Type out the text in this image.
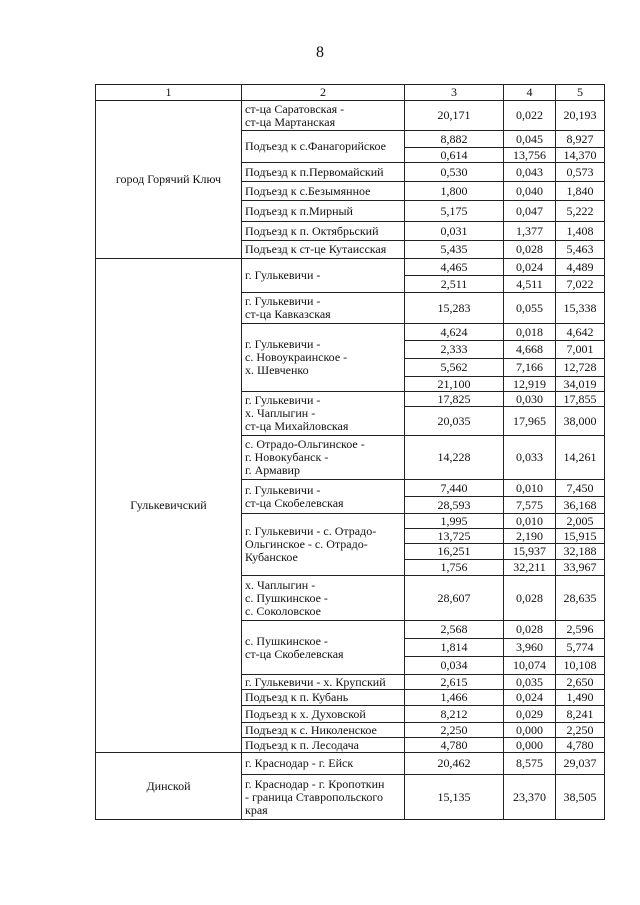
8
1	2	3	4	5
город Горячий Ключ	ст-ца Саратовская -
ст-ца Мартанская	20,171	0,022	20,193

	Подъезд к с.Фанагорийское	8,882	0,045	8,927
		0,614	13,756	14,370

	Подъезд к п.Первомайский	0,530	0,043	0,573

	Подъезд к с.Безымянное	1,800	0,040	1,840

	Подъезд к п.Мирный	5,175	0,047	5,222

	Подъезд к п. Октябрьский	0,031	1,377	1,408

	Подъезд к ст-це Кутаисская	5,435	0,028	5,463
Гулькевичский	г. Гулькевичи -	4,465	0,024	4,489
		2,511	4,511	7,022

	г. Гулькевичи -
ст-ца Кавказская	15,283	0,055	15,338

	г. Гулькевичи -
с. Новоукраинское -
х. Шевченко	4,624	0,018	4,642
		2,333	4,668	7,001
		5,562	7,166	12,728
		21,100	12,919	34,019

	г. Гулькевичи -
х. Чаплыгин -
ст-ца Михайловская	17,825	0,030	17,855
		20,035	17,965	38,000

	с. Отрадо-Ольгинское -
г. Новокубанск -
г. Армавир	14,228	0,033	14,261

	г. Гулькевичи -
ст-ца Скобелевская	7,440	0,010	7,450
		28,593	7,575	36,168

	г. Гулькевичи - с. Отрадо-
Ольгинское - с. Отрадо-
Кубанское	1,995	0,010	2,005
		13,725	2,190	15,915
		16,251	15,937	32,188
		1,756	32,211	33,967

	х. Чаплыгин -
с. Пушкинское -
с. Соколовское	28,607	0,028	28,635

	с. Пушкинское -
ст-ца Скобелевская	2,568	0,028	2,596
		1,814	3,960	5,774
		0,034	10,074	10,108

	г. Гулькевичи - х. Крупский	2,615	0,035	2,650

	Подъезд к п. Кубань	1,466	0,024	1,490

	Подъезд к х. Духовской	8,212	0,029	8,241

	Подъезд к с. Николенское	2,250	0,000	2,250

	Подъезд к п. Лесодача	4,780	0,000	4,780
Динской	г. Краснодар - г. Ейск	20,462	8,575	29,037

	г. Краснодар - г. Кропоткин
- граница Ставропольского
края	15,135	23,370	38,505
